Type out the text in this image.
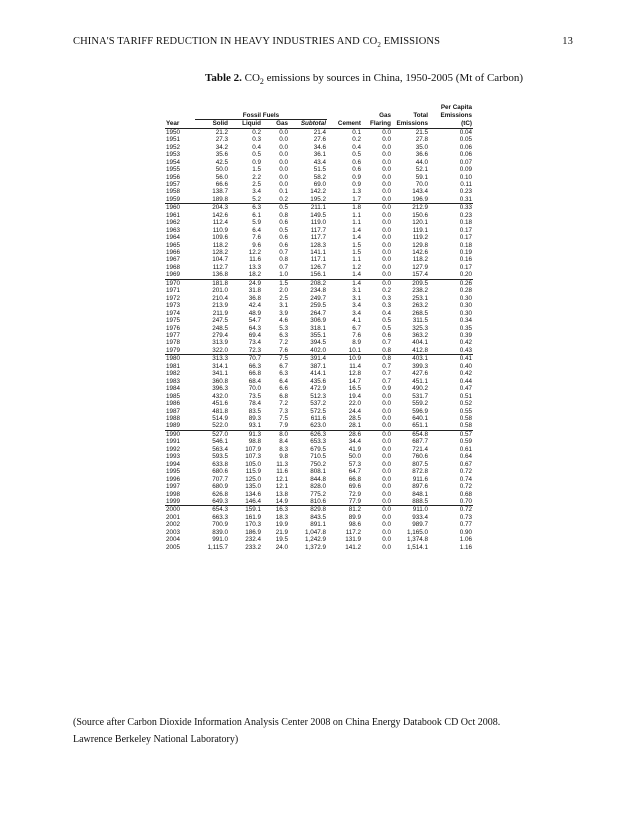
CHINA'S TARIFF REDUCTION IN HEAVY INDUSTRIES AND $CO_2$ EMISSIONS	13
Table 2. $CO_2$ emissions by sources in China, 1950-2005 (Mt of Carbon)
								Per Capita
	Fossil Fuels					Gas	Total	Emissions
Year	Solid	Liquid	Gas	Subtotal	Cement	Flaring	Emissions	(tC)
1950	21.2	0.2	0.0	21.4	0.1	0.0	21.5	0.04
1951	27.3	0.3	0.0	27.6	0.2	0.0	27.8	0.05
1952	34.2	0.4	0.0	34.6	0.4	0.0	35.0	0.06
1953	35.6	0.5	0.0	36.1	0.5	0.0	36.6	0.06
1954	42.5	0.9	0.0	43.4	0.6	0.0	44.0	0.07
1955	50.0	1.5	0.0	51.5	0.6	0.0	52.1	0.09
1956	56.0	2.2	0.0	58.2	0.9	0.0	59.1	0.10
1957	66.6	2.5	0.0	69.0	0.9	0.0	70.0	0.11
1958	138.7	3.4	0.1	142.2	1.3	0.0	143.4	0.23
1959	189.8	5.2	0.2	195.2	1.7	0.0	196.9	0.31
1960	204.3	6.3	0.5	211.1	1.8	0.0	212.9	0.33
1961	142.6	6.1	0.8	149.5	1.1	0.0	150.6	0.23
1962	112.4	5.9	0.6	119.0	1.1	0.0	120.1	0.18
1963	110.9	6.4	0.5	117.7	1.4	0.0	119.1	0.17
1964	109.6	7.6	0.6	117.7	1.4	0.0	119.2	0.17
1965	118.2	9.6	0.6	128.3	1.5	0.0	129.8	0.18
1966	128.2	12.2	0.7	141.1	1.5	0.0	142.6	0.19
1967	104.7	11.6	0.8	117.1	1.1	0.0	118.2	0.16
1968	112.7	13.3	0.7	126.7	1.2	0.0	127.9	0.17
1969	136.8	18.2	1.0	156.1	1.4	0.0	157.4	0.20
1970	181.8	24.9	1.5	208.2	1.4	0.0	209.5	0.26
1971	201.0	31.8	2.0	234.8	3.1	0.2	238.2	0.28
1972	210.4	36.8	2.5	249.7	3.1	0.3	253.1	0.30
1973	213.9	42.4	3.1	259.5	3.4	0.3	263.2	0.30
1974	211.9	48.9	3.9	264.7	3.4	0.4	268.5	0.30
1975	247.5	54.7	4.6	306.9	4.1	0.5	311.5	0.34
1976	248.5	64.3	5.3	318.1	6.7	0.5	325.3	0.35
1977	279.4	69.4	6.3	355.1	7.6	0.6	363.2	0.39
1978	313.9	73.4	7.2	394.5	8.9	0.7	404.1	0.42
1979	322.0	72.3	7.6	402.0	10.1	0.8	412.8	0.43
1980	313.3	70.7	7.5	391.4	10.9	0.8	403.1	0.41
1981	314.1	66.3	6.7	387.1	11.4	0.7	399.3	0.40
1982	341.1	66.8	6.3	414.1	12.8	0.7	427.6	0.42
1983	360.8	68.4	6.4	435.6	14.7	0.7	451.1	0.44
1984	396.3	70.0	6.6	472.9	16.5	0.9	490.2	0.47
1985	432.0	73.5	6.8	512.3	19.4	0.0	531.7	0.51
1986	451.6	78.4	7.2	537.2	22.0	0.0	559.2	0.52
1987	481.8	83.5	7.3	572.5	24.4	0.0	596.9	0.55
1988	514.9	89.3	7.5	611.6	28.5	0.0	640.1	0.58
1989	522.0	93.1	7.9	623.0	28.1	0.0	651.1	0.58
1990	527.0	91.3	8.0	626.3	28.6	0.0	654.8	0.57
1991	546.1	98.8	8.4	653.3	34.4	0.0	687.7	0.59
1992	563.4	107.9	8.3	679.5	41.9	0.0	721.4	0.61
1993	593.5	107.3	9.8	710.5	50.0	0.0	760.6	0.64
1994	633.8	105.0	11.3	750.2	57.3	0.0	807.5	0.67
1995	680.6	115.9	11.6	808.1	64.7	0.0	872.8	0.72
1996	707.7	125.0	12.1	844.8	66.8	0.0	911.6	0.74
1997	680.9	135.0	12.1	828.0	69.6	0.0	897.6	0.72
1998	626.8	134.6	13.8	775.2	72.9	0.0	848.1	0.68
1999	649.3	146.4	14.9	810.6	77.9	0.0	888.5	0.70
2000	654.3	159.1	16.3	829.8	81.2	0.0	911.0	0.72
2001	663.3	161.9	18.3	843.5	89.9	0.0	933.4	0.73
2002	700.9	170.3	19.9	891.1	98.6	0.0	989.7	0.77
2003	839.0	186.9	21.9	1,047.8	117.2	0.0	1,165.0	0.90
2004	991.0	232.4	19.5	1,242.9	131.9	0.0	1,374.8	1.06
2005	1,115.7	233.2	24.0	1,372.9	141.2	0.0	1,514.1	1.16
(Source after Carbon Dioxide Information Analysis Center 2008 on China Energy Databook CD Oct 2008.
Lawrence Berkeley National Laboratory)
